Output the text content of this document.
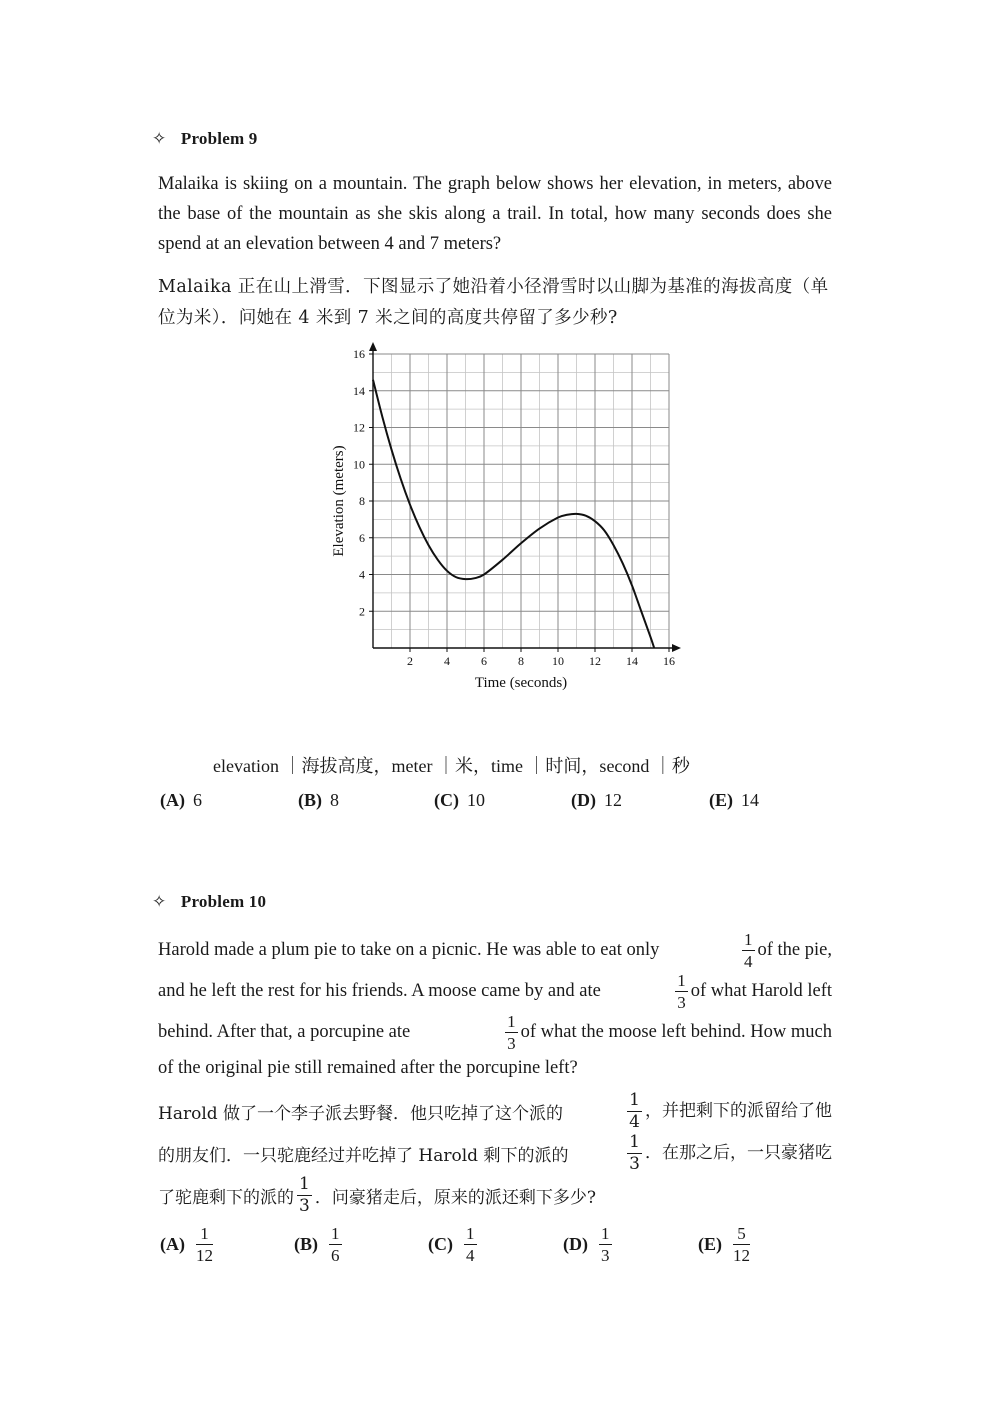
✧ Problem 9
Malaika is skiing on a mountain. The graph below shows her elevation, in meters, above the base of the mountain as she skis along a trail. In total, how many seconds does she spend at an elevation between 4 and 7 meters?
Malaika 正在山上滑雪．下图显示了她沿着小径滑雪时以山脚为基准的海拔高度（单位为米）．问她在 4 米到 7 米之间的高度共停留了多少秒?
2	4	6	8 10 12 14 16
2
4
6
8
10
12
14
16
Time (seconds)
Elevation (meters)
elevation ｜海拔高度，meter ｜米，time ｜时间，second ｜秒
(A) 6	(B) 8	(C) 10	(D) 12	(E) 14
✧ Problem 10
Harold made a plum pie to take on a picnic. He was able to eat only	$\frac{1}{4}$ of the pie,
and he left the rest for his friends. A moose came by and ate	$\frac{1}{3}$ of what Harold left
behind. After that, a porcupine ate	$\frac{1}{3}$ of what the moose left behind. How much
of the original pie still remained after the porcupine left?
Harold 做了一个李子派去野餐．他只吃掉了这个派的	$\frac{1}{4}$ ，并把剩下的派留给了他
的朋友们．一只驼鹿经过并吃掉了 Harold 剩下的派的	$\frac{1}{3}$ ．在那之后，一只豪猪吃
了驼鹿剩下的派的 $\frac{1}{3}$ ．问豪猪走后，原来的派还剩下多少?
$(A) \frac{1}{12}$	$(B) \frac{1}{6}$	$(C) \frac{1}{4}$	$(D) \frac{1}{3}$	$(E) \frac{5}{12}$
